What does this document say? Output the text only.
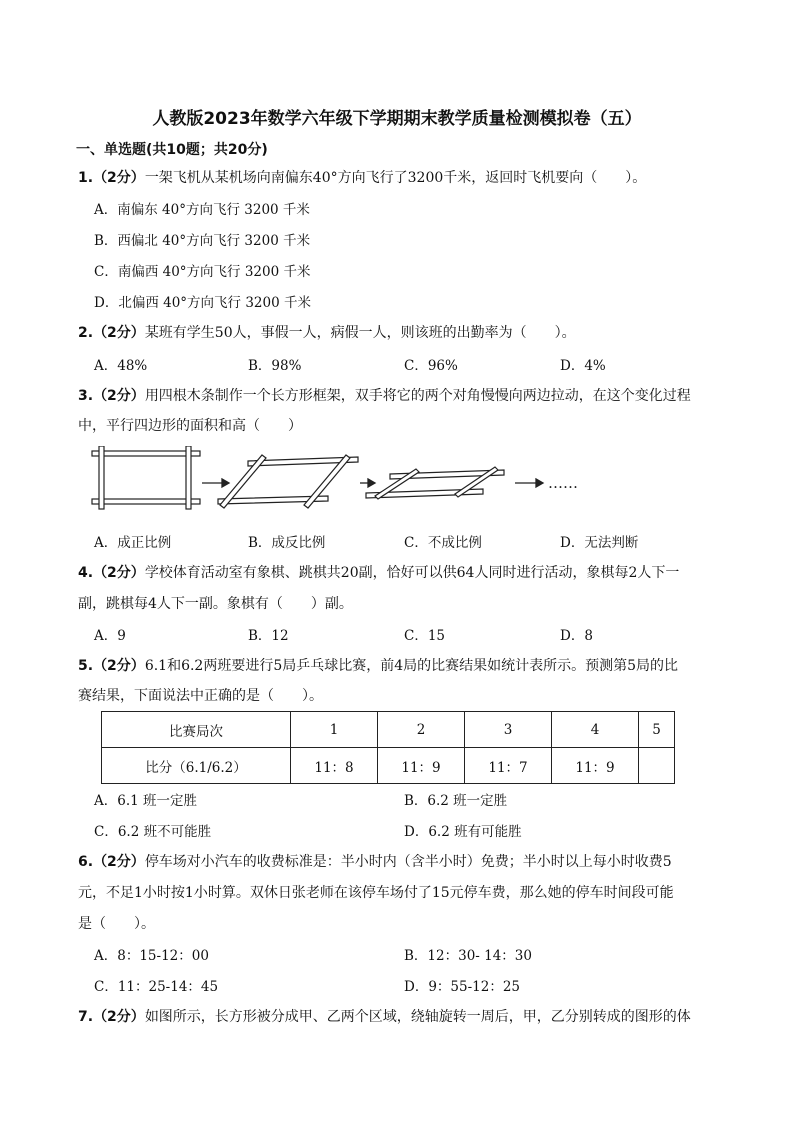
人教版2023年数学六年级下学期期末教学质量检测模拟卷（五）
一、单选题(共10题；共20分)
1.（2分）一架飞机从某机场向南偏东40°方向飞行了3200千米，返回时飞机要向（　　）。
A．南偏东 40°方向飞行 3200 千米
B．西偏北 40°方向飞行 3200 千米
C．南偏西 40°方向飞行 3200 千米
D．北偏西 40°方向飞行 3200 千米
2.（2分）某班有学生50人，事假一人，病假一人，则该班的出勤率为（　　）。
A．48%	B．98%	C．96%	D．4%
3.（2分）用四根木条制作一个长方形框架，双手将它的两个对角慢慢向两边拉动，在这个变化过程
中，平行四边形的面积和高（　　）
……
A．成正比例	B．成反比例	C．不成比例	D．无法判断
4.（2分）学校体育活动室有象棋、跳棋共20副，恰好可以供64人同时进行活动，象棋每2人下一
副，跳棋每4人下一副。象棋有（　　）副。
A．9	B．12	C．15	D．8
5.（2分）6.1和6.2两班要进行5局乒乓球比赛，前4局的比赛结果如统计表所示。预测第5局的比
赛结果，下面说法中正确的是（　　）。
比赛局次	1	2	3	4	5
比分（6.1/6.2）	11：8	11：9	11：7	11：9	
A．6.1 班一定胜	B．6.2 班一定胜
C．6.2 班不可能胜	D．6.2 班有可能胜
6.（2分）停车场对小汽车的收费标准是：半小时内（含半小时）免费；半小时以上每小时收费5
元，不足1小时按1小时算。双休日张老师在该停车场付了15元停车费，那么她的停车时间段可能
是（　　）。
A．8：15-12：00	B．12：30- 14：30
C．11：25-14：45	D．9：55-12：25
7.（2分）如图所示，长方形被分成甲、乙两个区域，绕轴旋转一周后，甲，乙分别转成的图形的体
